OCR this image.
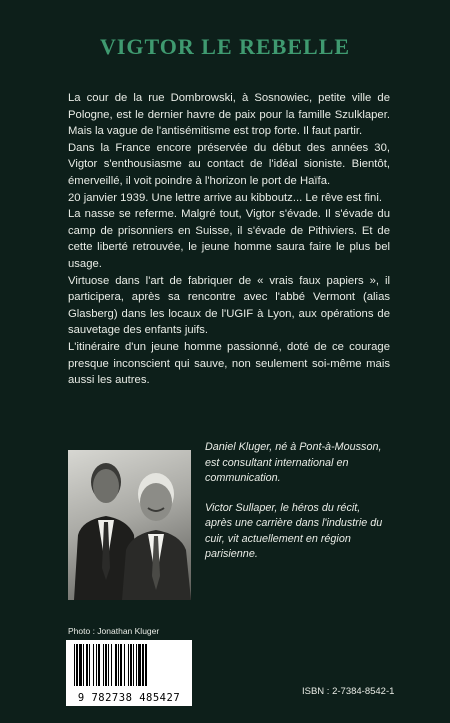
VIGTOR LE REBELLE

La cour de la rue Dombrowski, à Sosnowiec, petite ville de Pologne, est le dernier havre de paix pour la famille Szulklaper. Mais la vague de l'antisémitisme est trop forte. Il faut partir.

Dans la France encore préservée du début des années 30, Vigtor s'enthousiasme au contact de l'idéal sioniste. Bientôt, émerveillé, il voit poindre à l'horizon le port de Haïfa.

20 janvier 1939. Une lettre arrive au kibboutz... Le rêve est fini.

La nasse se referme. Malgré tout, Vigtor s'évade. Il s'évade du camp de prisonniers en Suisse, il s'évade de Pithiviers. Et de cette liberté retrouvée, le jeune homme saura faire le plus bel usage.

Virtuose dans l'art de fabriquer de « vrais faux papiers », il participera, après sa rencontre avec l'abbé Vermont (alias Glasberg) dans les locaux de l'UGIF à Lyon, aux opérations de sauvetage des enfants juifs.

L'itinéraire d'un jeune homme passionné, doté de ce courage presque inconscient qui sauve, non seulement soi-même mais aussi les autres.

Daniel Kluger, né à Pont-à-Mousson, est consultant international en communication.

Victor Sullaper, le héros du récit, après une carrière dans l'industrie du cuir, vit actuellement en région parisienne.

Photo : Jonathan Kluger
9 782738 485427
ISBN : 2-7384-8542-1
